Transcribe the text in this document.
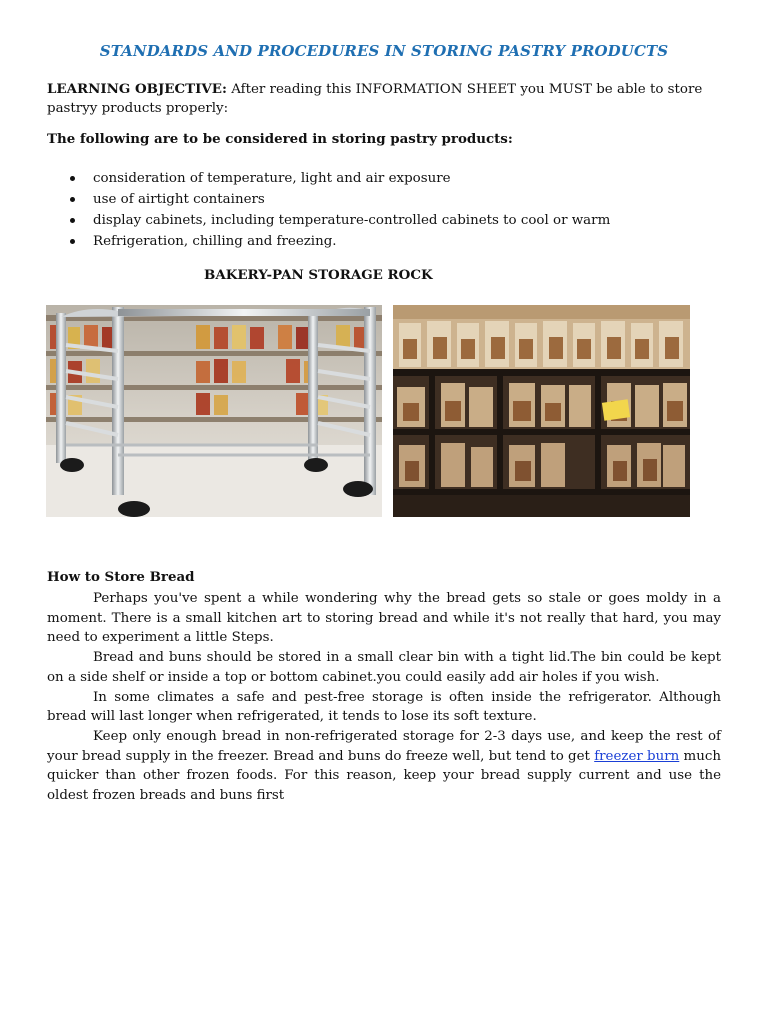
STANDARDS AND PROCEDURES IN STORING PASTRY PRODUCTS
LEARNING OBJECTIVE: After reading this INFORMATION SHEET you MUST be able to store pastryy products properly:
The following are to be considered in storing pastry products:
consideration of temperature, light and air exposure
use of airtight containers
display cabinets, including temperature-controlled cabinets to cool or warm
Refrigeration, chilling and freezing.
BAKERY-PAN STORAGE ROCK
How to Store Bread

Perhaps you've spent a while wondering why the bread gets so stale or goes moldy in a moment. There is a small kitchen art to storing bread and while it's not really that hard, you may need to experiment a little Steps.

Bread and buns should be stored in a small clear bin with a tight lid.The bin could be kept on a side shelf or inside a top or bottom cabinet.you could easily add air holes if you wish.

In some climates a safe and pest-free storage is often inside the refrigerator. Although bread will last longer when refrigerated, it tends to lose its soft texture.

Keep only enough bread in non-refrigerated storage for 2-3 days use, and keep the rest of your bread supply in the freezer. Bread and buns do freeze well, but tend to get freezer burn much quicker than other frozen foods. For this reason, keep your bread supply current and use the oldest frozen breads and buns first
